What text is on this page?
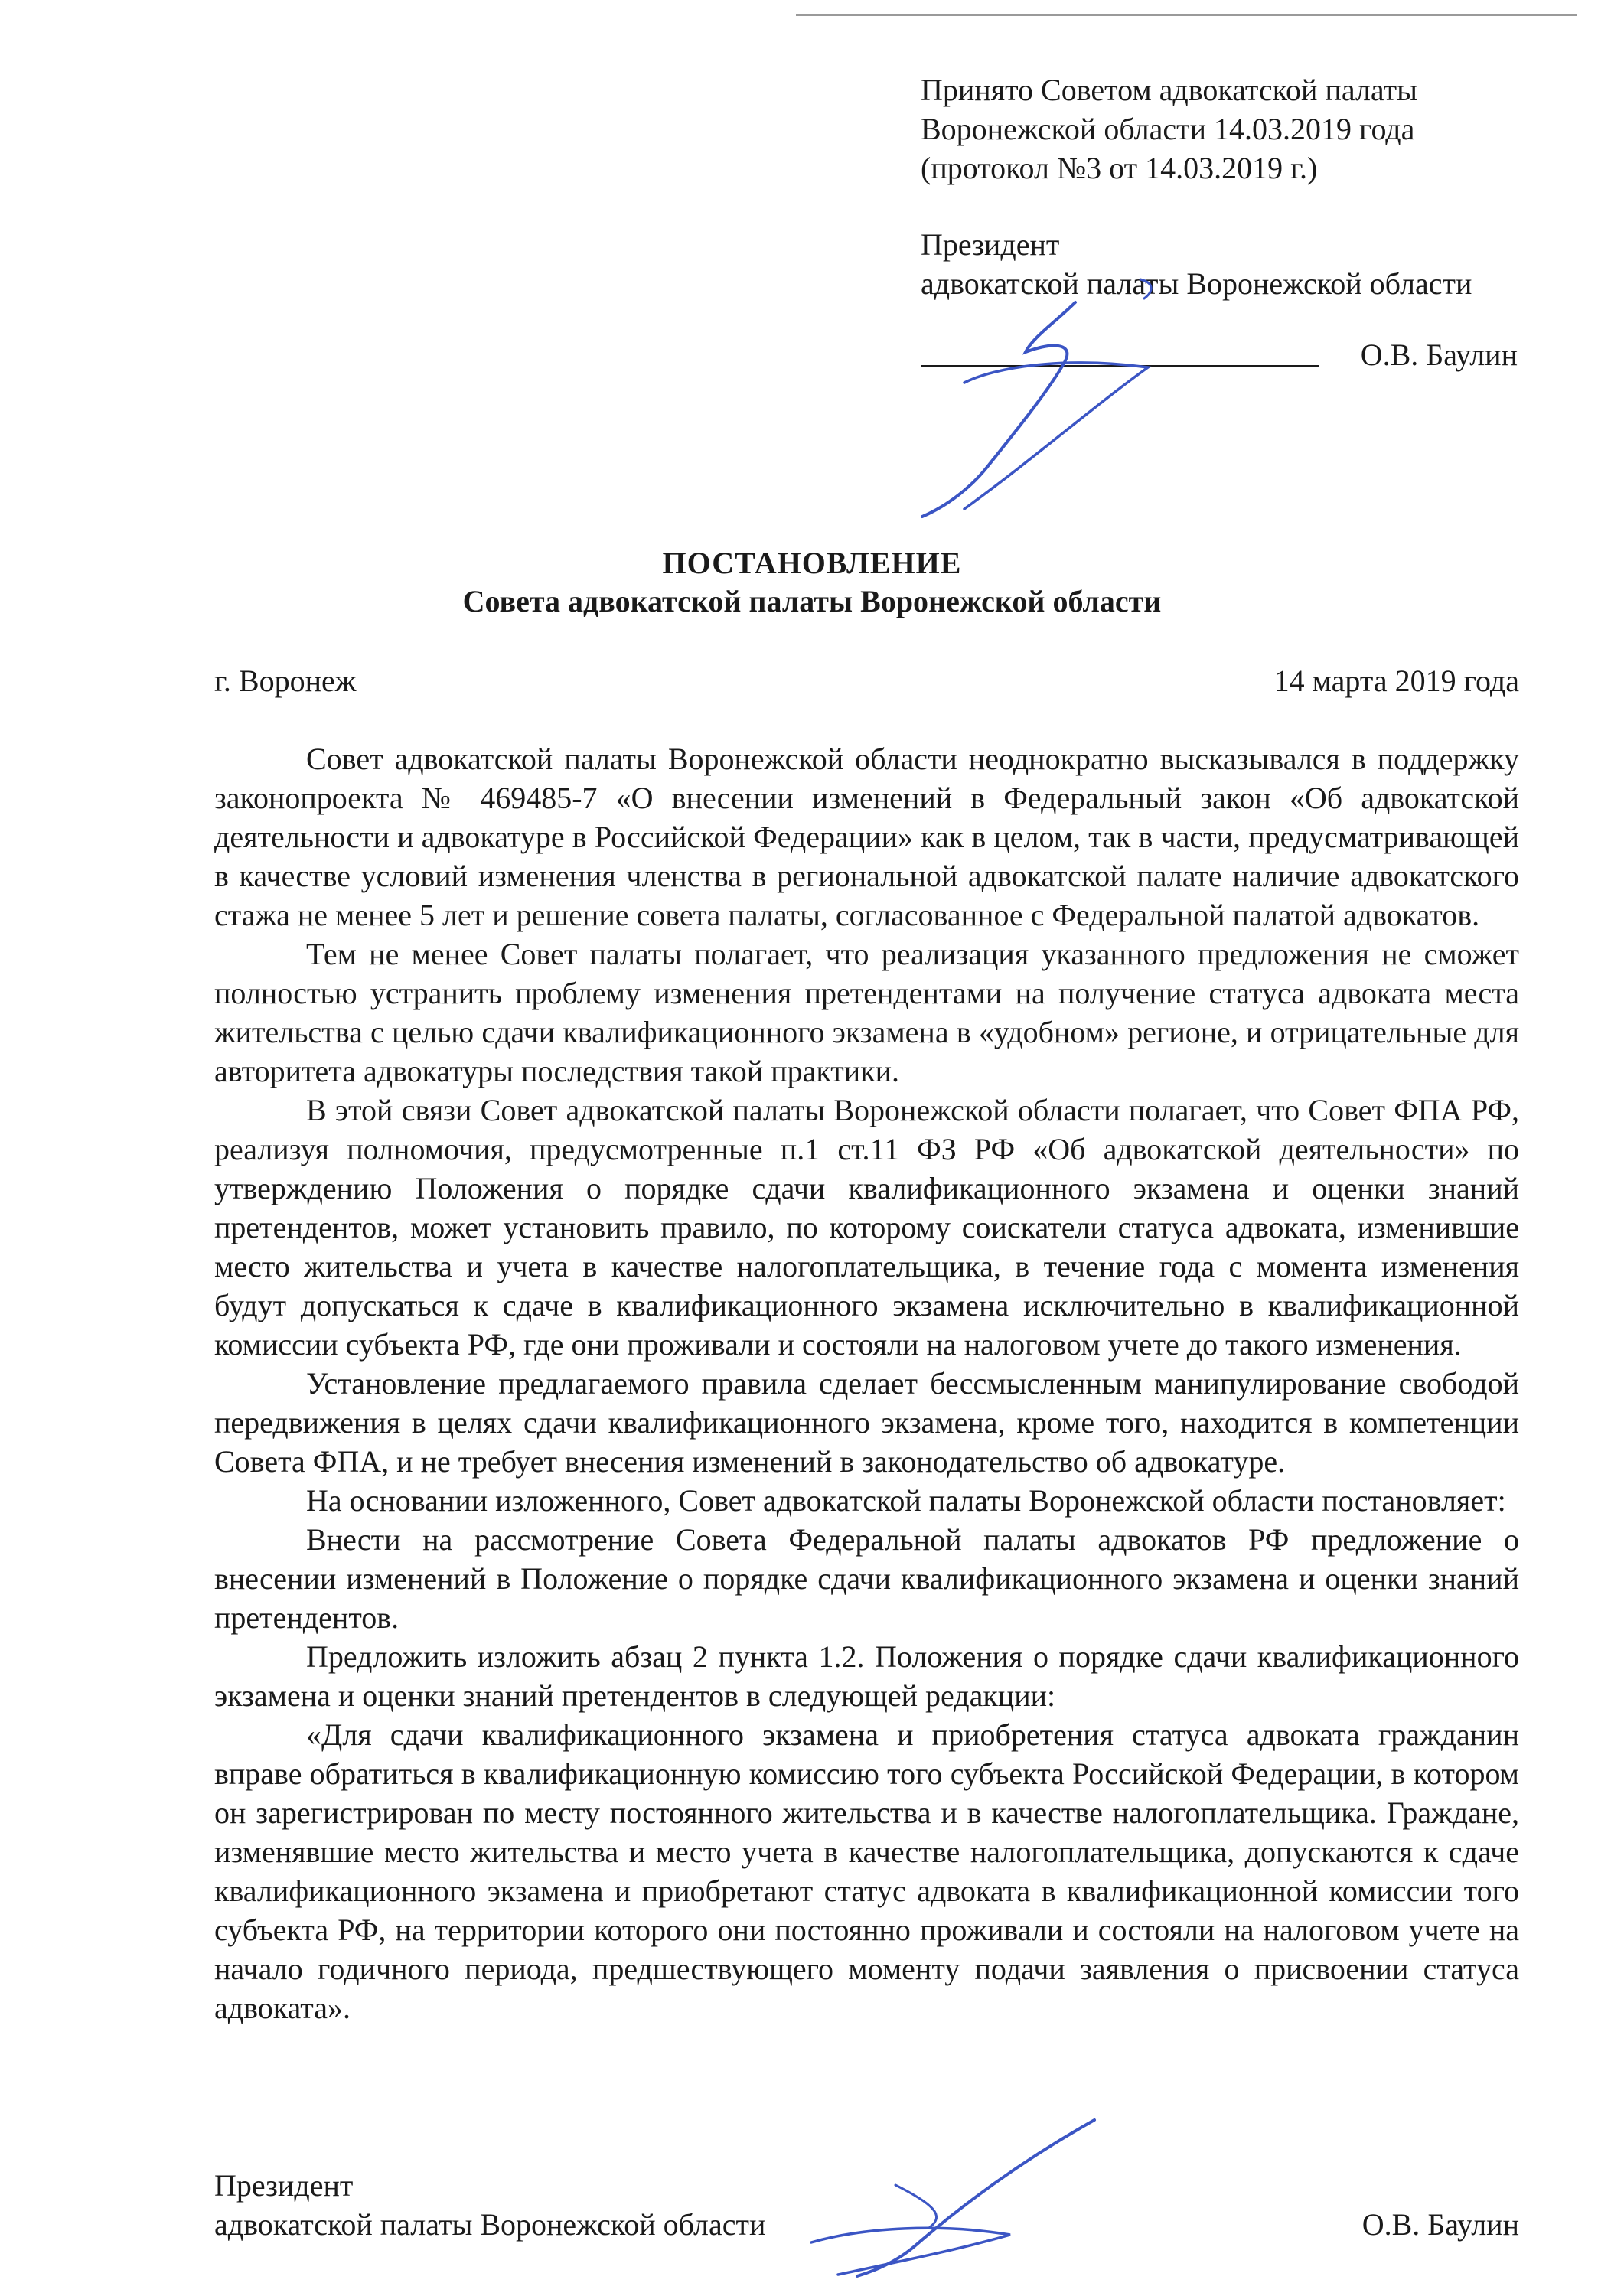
Принято Советом адвокатской палаты
Воронежской области 14.03.2019 года
(протокол №3 от 14.03.2019 г.)
Президент
адвокатской палаты Воронежской области
О.В. Баулин
ПОСТАНОВЛЕНИЕ
Совета адвокатской палаты Воронежской области
г. Воронеж	14 марта 2019 года

Совет адвокатской палаты Воронежской области неоднократно высказывался в поддержку законопроекта № 469485-7 «О внесении изменений в Федеральный закон «Об адвокатской деятельности и адвокатуре в Российской Федерации» как в целом, так в части, предусматривающей в качестве условий изменения членства в региональной адвокатской палате наличие адвокатского стажа не менее 5 лет и решение совета палаты, согласованное с Федеральной палатой адвокатов.

Тем не менее Совет палаты полагает, что реализация указанного предложения не сможет полностью устранить проблему изменения претендентами на получение статуса адвоката места жительства с целью сдачи квалификационного экзамена в «удобном» регионе, и отрицательные для авторитета адвокатуры последствия такой практики.

В этой связи Совет адвокатской палаты Воронежской области полагает, что Совет ФПА РФ, реализуя полномочия, предусмотренные п.1 ст.11 ФЗ РФ «Об адвокатской деятельности» по утверждению Положения о порядке сдачи квалификационного экзамена и оценки знаний претендентов, может установить правило, по которому соискатели статуса адвоката, изменившие место жительства и учета в качестве налогоплательщика, в течение года с момента изменения будут допускаться к сдаче в квалификационного экзамена исключительно в квалификационной комиссии субъекта РФ, где они проживали и состояли на налоговом учете до такого изменения.

Установление предлагаемого правила сделает бессмысленным манипулирование свободой передвижения в целях сдачи квалификационного экзамена, кроме того, находится в компетенции Совета ФПА, и не требует внесения изменений в законодательство об адвокатуре.

На основании изложенного, Совет адвокатской палаты Воронежской области постановляет:

Внести на рассмотрение Совета Федеральной палаты адвокатов РФ предложение о внесении изменений в Положение о порядке сдачи квалификационного экзамена и оценки знаний претендентов.

Предложить изложить абзац 2 пункта 1.2. Положения о порядке сдачи квалификационного экзамена и оценки знаний претендентов в следующей редакции:

«Для сдачи квалификационного экзамена и приобретения статуса адвоката гражданин вправе обратиться в квалификационную комиссию того субъекта Российской Федерации, в котором он зарегистрирован по месту постоянного жительства и в качестве налогоплательщика. Граждане, изменявшие место жительства и место учета в качестве налогоплательщика, допускаются к сдаче квалификационного экзамена и приобретают статус адвоката в квалификационной комиссии того субъекта РФ, на территории которого они постоянно проживали и состояли на налоговом учете на начало годичного периода, предшествующего моменту подачи заявления о присвоении статуса адвоката».

Президент
адвокатской палаты Воронежской области	О.В. Баулин
